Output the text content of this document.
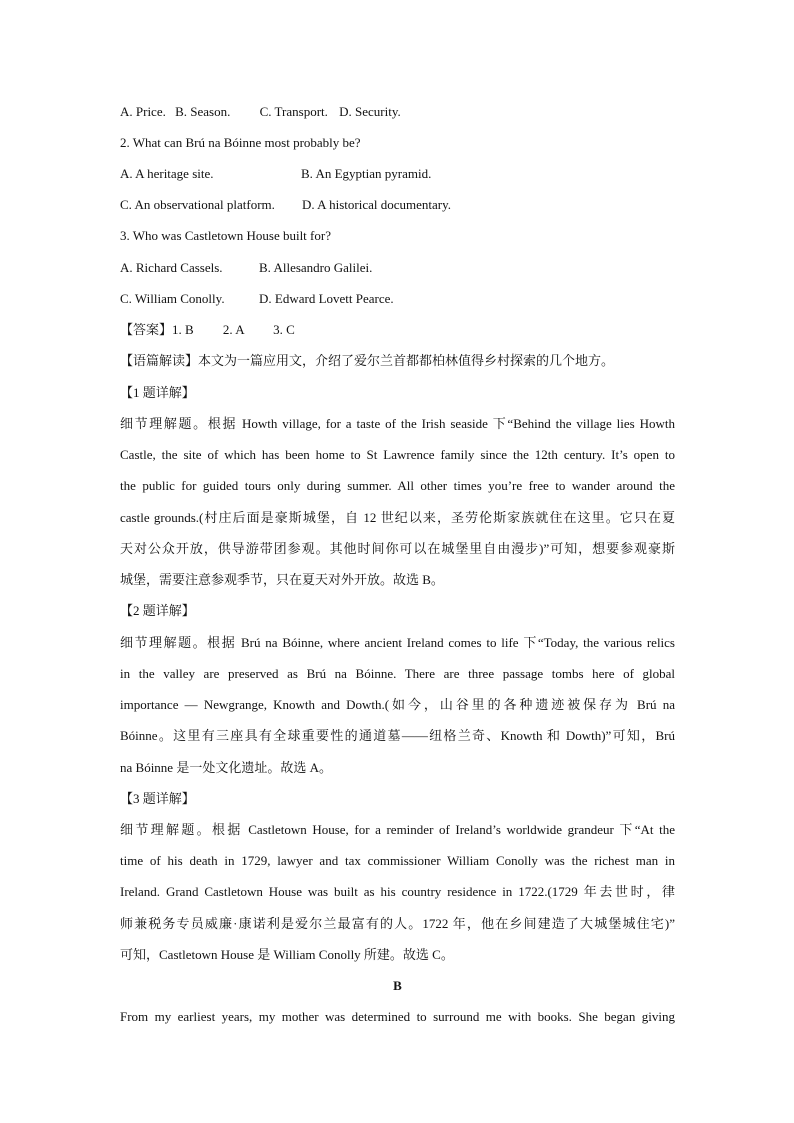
A. Price. B. Season. C. Transport. D. Security.
2. What can Brú na Bóinne most probably be?
A. A heritage site.	B. An Egyptian pyramid.
C. An observational platform. D. A historical documentary.
3. Who was Castletown House built for?
A. Richard Cassels.	B. Allesandro Galilei.
C. William Conolly.	D. Edward Lovett Pearce.
【答案】1. B         2. A         3. C
【语篇解读】本文为一篇应用文，介绍了爱尔兰首都都柏林值得乡村探索的几个地方。
【1 题详解】
细节理解题。根据 Howth village, for a taste of the Irish seaside 下“Behind the village lies Howth
Castle, the site of which has been home to St Lawrence family since the 12th century. It’s open to
the public for guided tours only during summer. All other times you’re free to wander around the
castle grounds.(村庄后面是豪斯城堡，自 12 世纪以来，圣劳伦斯家族就住在这里。它只在夏
天对公众开放，供导游带团参观。其他时间你可以在城堡里自由漫步)”可知，想要参观豪斯
城堡，需要注意参观季节，只在夏天对外开放。故选 B。
【2 题详解】
细节理解题。根据 Brú na Bóinne, where ancient Ireland comes to life 下“Today, the various relics
in the valley are preserved as Brú na Bóinne. There are three passage tombs here of global
importance — Newgrange, Knowth and Dowth.(如今，山谷里的各种遗迹被保存为 Brú na
Bóinne。这里有三座具有全球重要性的通道墓——纽格兰奇、Knowth 和 Dowth)”可知，Brú
na Bóinne 是一处文化遗址。故选 A。
【3 题详解】
细节理解题。根据 Castletown House, for a reminder of Ireland’s worldwide grandeur 下“At the
time of his death in 1729, lawyer and tax commissioner William Conolly was the richest man in
Ireland. Grand Castletown House was built as his country residence in 1722.(1729 年去世时，律
师兼税务专员威廉·康诺利是爱尔兰最富有的人。1722 年，他在乡间建造了大城堡城住宅)”
可知，Castletown House 是 William Conolly 所建。故选 C。
B
From my earliest years, my mother was determined to surround me with books. She began giving
